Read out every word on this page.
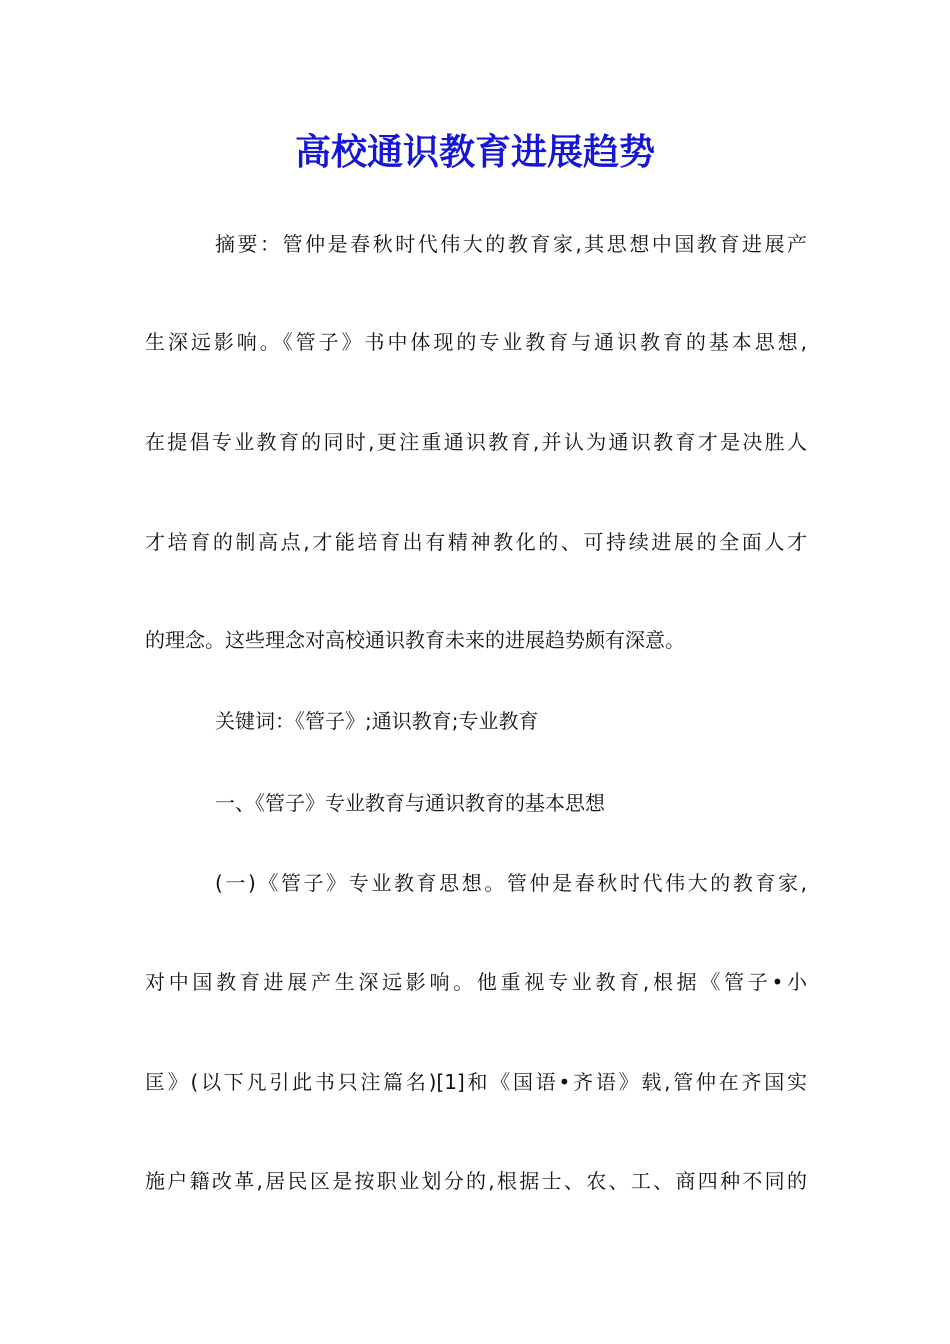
高校通识教育进展趋势
摘要：管仲是春秋时代伟大的教育家,其思想中国教育进展产
生深远影响。《管子》书中体现的专业教育与通识教育的基本思想,
在提倡专业教育的同时,更注重通识教育,并认为通识教育才是决胜人
才培育的制高点,才能培育出有精神教化的、可持续进展的全面人才
的理念。这些理念对高校通识教育未来的进展趋势颇有深意。
关键词：《管子》;通识教育;专业教育
一、《管子》专业教育与通识教育的基本思想
(一)《管子》专业教育思想。管仲是春秋时代伟大的教育家,
对中国教育进展产生深远影响。他重视专业教育,根据《管子•小
匡》(以下凡引此书只注篇名)[1]和《国语•齐语》载,管仲在齐国实
施户籍改革,居民区是按职业划分的,根据士、农、工、商四种不同的
